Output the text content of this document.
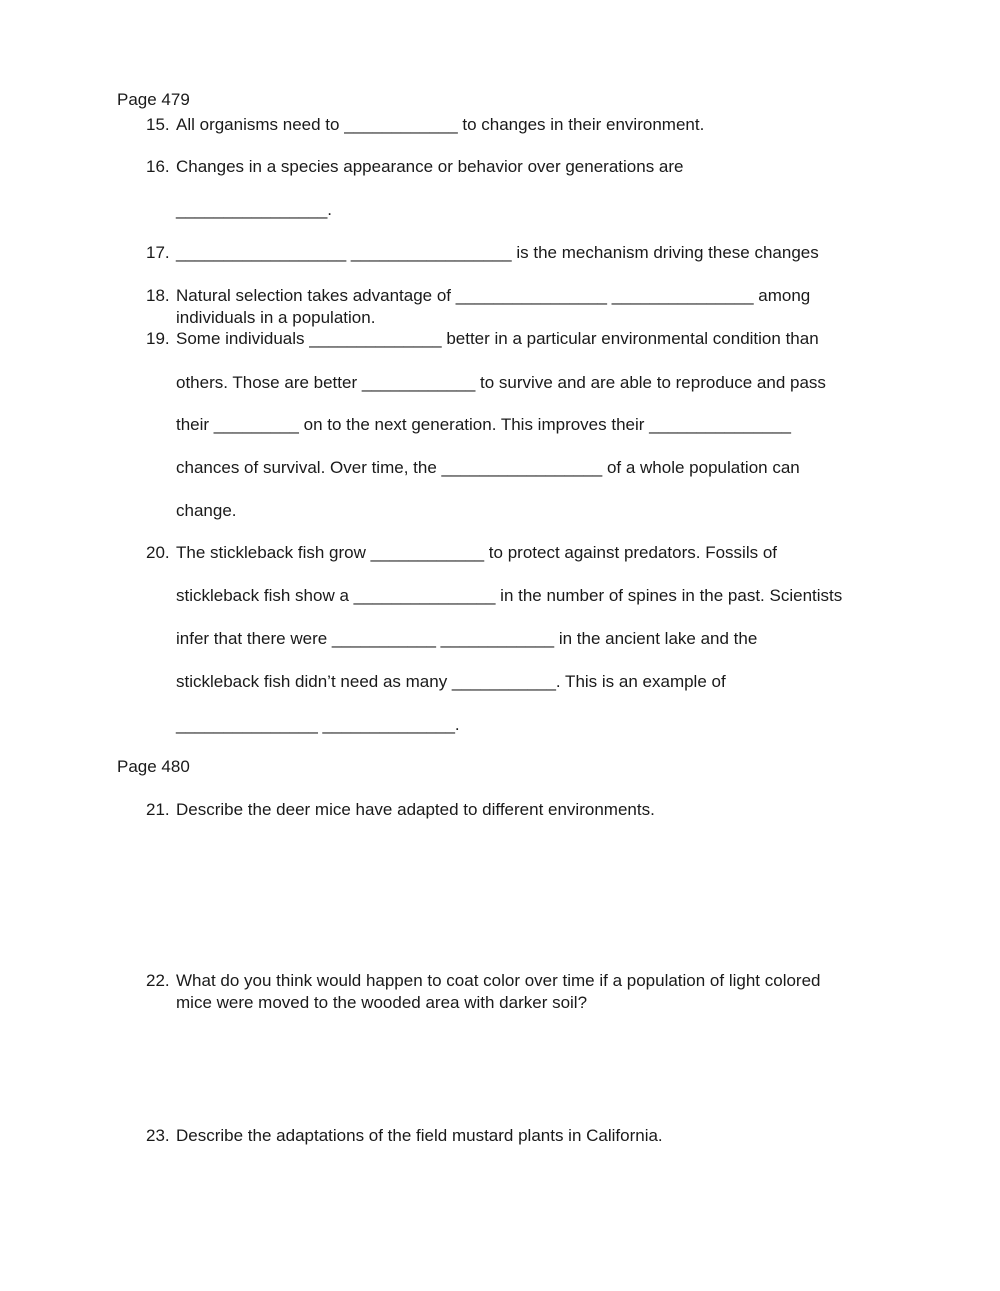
Page 479
15. All organisms need to ____________ to changes in their environment.
16. Changes in a species appearance or behavior over generations are
________________.
17. __________________ _________________ is the mechanism driving these changes
18. Natural selection takes advantage of ________________ _______________ among
individuals in a population.
19. Some individuals ______________ better in a particular environmental condition than
others. Those are better ____________ to survive and are able to reproduce and pass
their _________ on to the next generation. This improves their _______________
chances of survival. Over time, the _________________ of a whole population can
change.
20. The stickleback fish grow ____________ to protect against predators. Fossils of
stickleback fish show a _______________ in the number of spines in the past. Scientists
infer that there were ___________ ____________ in the ancient lake and the
stickleback fish didn’t need as many ___________. This is an example of
_______________ ______________.
Page 480
21. Describe the deer mice have adapted to different environments.
22. What do you think would happen to coat color over time if a population of light colored
mice were moved to the wooded area with darker soil?
23. Describe the adaptations of the field mustard plants in California.
